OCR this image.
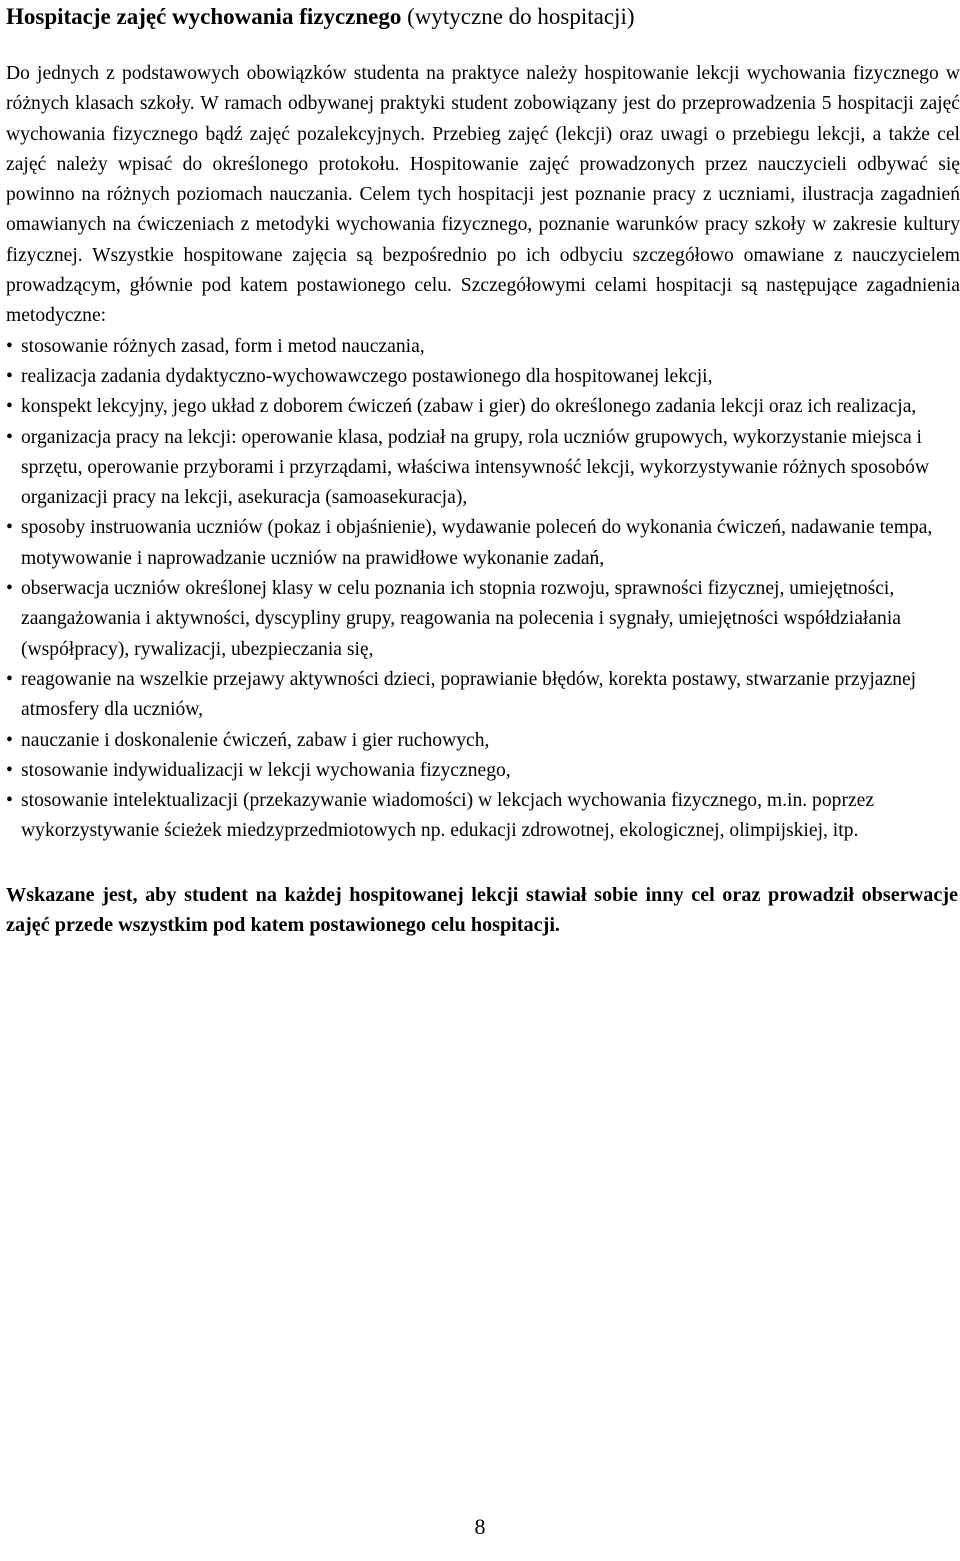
Hospitacje zajęć wychowania fizycznego (wytyczne do hospitacji)

Do jednych z podstawowych obowiązków studenta na praktyce należy hospitowanie lekcji wychowania fizycznego w różnych klasach szkoły. W ramach odbywanej praktyki student zobowiązany jest do przeprowadzenia 5 hospitacji zajęć wychowania fizycznego bądź zajęć pozalekcyjnych. Przebieg zajęć (lekcji) oraz uwagi o przebiegu lekcji, a także cel zajęć należy wpisać do określonego protokołu. Hospitowanie zajęć prowadzonych przez nauczycieli odbywać się powinno na różnych poziomach nauczania. Celem tych hospitacji jest poznanie pracy z uczniami, ilustracja zagadnień omawianych na ćwiczeniach z metodyki wychowania fizycznego, poznanie warunków pracy szkoły w zakresie kultury fizycznej. Wszystkie hospitowane zajęcia są bezpośrednio po ich odbyciu szczegółowo omawiane z nauczycielem prowadzącym, głównie pod katem postawionego celu. Szczegółowymi celami hospitacji są następujące zagadnienia metodyczne:

• stosowanie różnych zasad, form i metod nauczania,
• realizacja zadania dydaktyczno-wychowawczego postawionego dla hospitowanej lekcji,
• konspekt lekcyjny, jego układ z doborem ćwiczeń (zabaw i gier) do określonego zadania lekcji oraz ich realizacja,
• organizacja pracy na lekcji: operowanie klasa, podział na grupy, rola uczniów grupowych, wykorzystanie miejsca i sprzętu, operowanie przyborami i przyrządami, właściwa intensywność lekcji, wykorzystywanie różnych sposobów organizacji pracy na lekcji, asekuracja (samoasekuracja),
• sposoby instruowania uczniów (pokaz i objaśnienie), wydawanie poleceń do wykonania ćwiczeń, nadawanie tempa, motywowanie i naprowadzanie uczniów na prawidłowe wykonanie zadań,
• obserwacja uczniów określonej klasy w celu poznania ich stopnia rozwoju, sprawności fizycznej, umiejętności, zaangażowania i aktywności, dyscypliny grupy, reagowania na polecenia i sygnały, umiejętności współdziałania (współpracy), rywalizacji, ubezpieczania się,
• reagowanie na wszelkie przejawy aktywności dzieci, poprawianie błędów, korekta postawy, stwarzanie przyjaznej atmosfery dla uczniów,
• nauczanie i doskonalenie ćwiczeń, zabaw i gier ruchowych,
• stosowanie indywidualizacji w lekcji wychowania fizycznego,
• stosowanie intelektualizacji (przekazywanie wiadomości) w lekcjach wychowania fizycznego, m.in. poprzez wykorzystywanie ścieżek miedzyprzedmiotowych np. edukacji zdrowotnej, ekologicznej, olimpijskiej, itp.

Wskazane jest, aby student na każdej hospitowanej lekcji stawiał sobie inny cel oraz prowadził obserwacje zajęć przede wszystkim pod katem postawionego celu hospitacji.

8
